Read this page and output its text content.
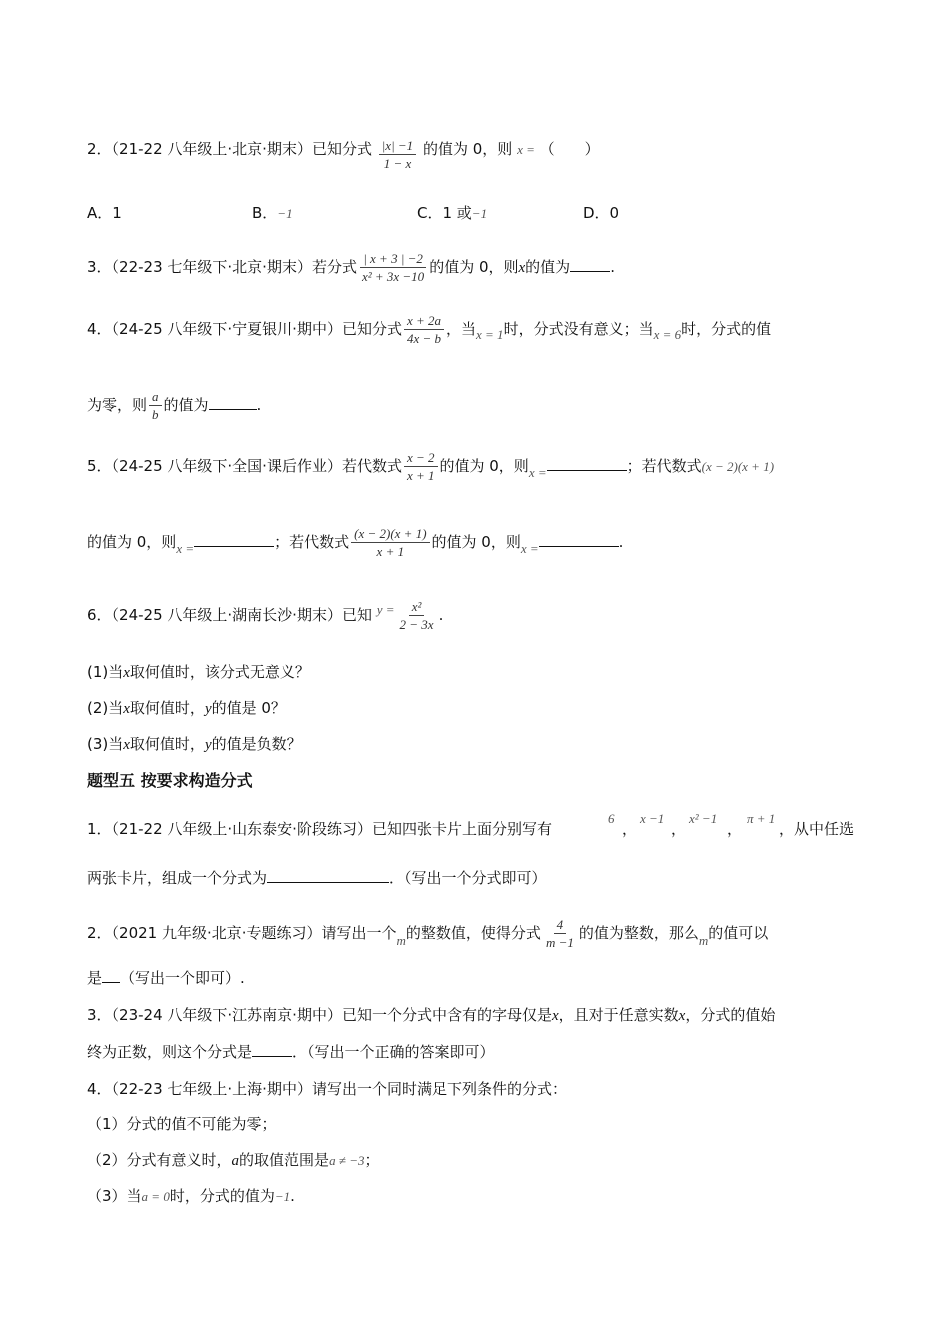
2．（21-22 八年级上·北京·期末）已知分式 $\frac{|x| -1}{1 - x}$ 的值为 0，则 x = （　　）
A．1	B．−1	C．1 或−1	D．0
3．（22-23 七年级下·北京·期末）若分式 $\frac{| x + 3 | -2}{\text{x² + 3x −10}}$ 的值为 0，则x的值为	.
4．（24-25 八年级下·宁夏银川·期中）已知分式 $\frac{x + 2a}{4x - b}$ ，当x = 1时，分式没有意义；当x = 6时，分式的值
为零，则 $\frac{a}{b}$ 的值为	.
5．（24-25 八年级下·全国·课后作业）若代数式 $\frac{x - 2}{x + 1}$ 的值为 0，则x =	；若代数式(x − 2)(x + 1)
的值为 0，则x =	；若代数式 $\frac{(x - 2)(x + 1)}{x + 1}$ 的值为 0，则x =	.
6．（24-25 八年级上·湖南长沙·期末）已知 $y = \frac{\text{x²}}{2 - 3x}$ .
(1)当x取何值时，该分式无意义？
(2)当x取何值时，y的值是 0？
(3)当x取何值时，y的值是负数？
题型五 按要求构造分式
1．（21-22 八年级上·山东泰安·阶段练习）已知四张卡片上面分别写有
6
，
x −1
，
x² −1
，
π + 1
，从中任选
两张卡片，组成一个分式为	．（写出一个分式即可）
2．（2021 九年级·北京·专题练习）请写出一个m的整数值，使得分式 $\frac{4}{m -1}$ 的值为整数，那么m的值可以
是 （写出一个即可）.
3．（23-24 八年级下·江苏南京·期中）已知一个分式中含有的字母仅是x，且对于任意实数x，分式的值始
终为正数，则这个分式是	．（写出一个正确的答案即可）
4．（22-23 七年级上·上海·期中）请写出一个同时满足下列条件的分式：
（1）分式的值不可能为零；
（2）分式有意义时，a的取值范围是a ≠ −3；
（3）当a = 0时，分式的值为−1.
